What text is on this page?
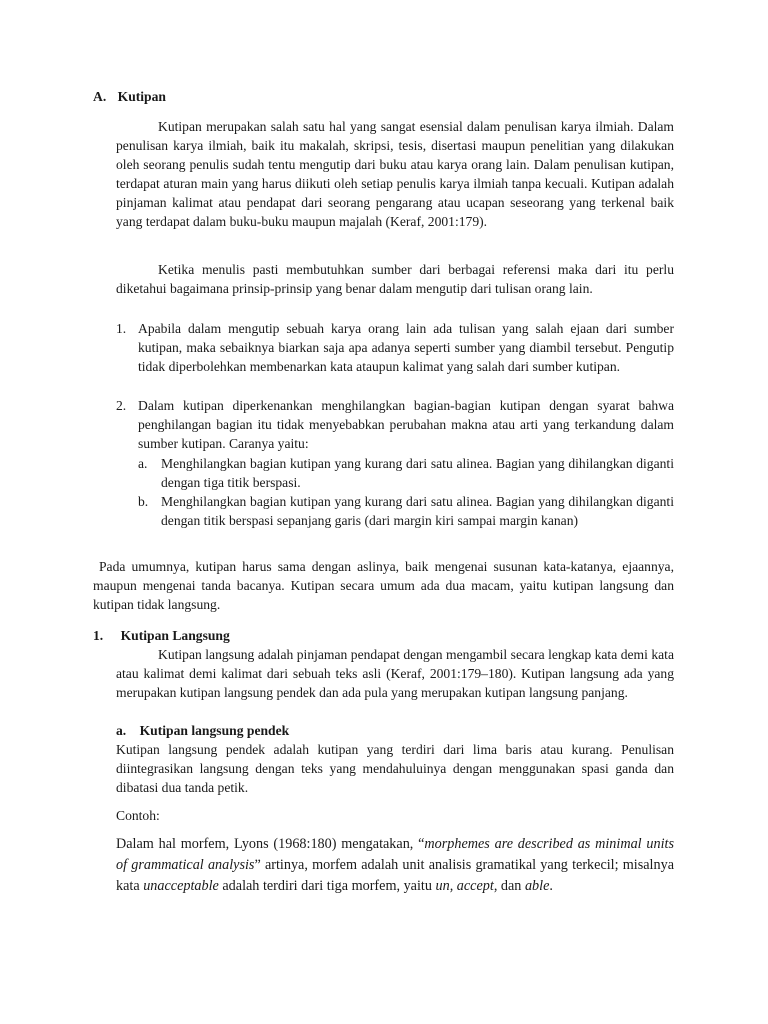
A. Kutipan

Kutipan merupakan salah satu hal yang sangat esensial dalam penulisan karya ilmiah. Dalam penulisan karya ilmiah, baik itu makalah, skripsi, tesis, disertasi maupun penelitian yang dilakukan oleh seorang penulis sudah tentu mengutip dari buku atau karya orang lain. Dalam penulisan kutipan, terdapat aturan main yang harus diikuti oleh setiap penulis karya ilmiah tanpa kecuali. Kutipan adalah pinjaman kalimat atau pendapat dari seorang pengarang atau ucapan seseorang yang terkenal baik yang terdapat dalam buku-buku maupun majalah (Keraf, 2001:179).

Ketika menulis pasti membutuhkan sumber dari berbagai referensi maka dari itu perlu diketahui bagaimana prinsip-prinsip yang benar dalam mengutip dari tulisan orang lain.

1. Apabila dalam mengutip sebuah karya orang lain ada tulisan yang salah ejaan dari sumber kutipan, maka sebaiknya biarkan saja apa adanya seperti sumber yang diambil tersebut. Pengutip tidak diperbolehkan membenarkan kata ataupun kalimat yang salah dari sumber kutipan.

2. Dalam kutipan diperkenankan menghilangkan bagian-bagian kutipan dengan syarat bahwa penghilangan bagian itu tidak menyebabkan perubahan makna atau arti yang terkandung dalam sumber kutipan. Caranya yaitu:

a. Menghilangkan bagian kutipan yang kurang dari satu alinea. Bagian yang dihilangkan diganti dengan tiga titik berspasi.

b. Menghilangkan bagian kutipan yang kurang dari satu alinea. Bagian yang dihilangkan diganti dengan titik berspasi sepanjang garis (dari margin kiri sampai margin kanan)

Pada umumnya, kutipan harus sama dengan aslinya, baik mengenai susunan kata-katanya, ejaannya, maupun mengenai tanda bacanya. Kutipan secara umum ada dua macam, yaitu kutipan langsung dan kutipan tidak langsung.

1. Kutipan Langsung

Kutipan langsung adalah pinjaman pendapat dengan mengambil secara lengkap kata demi kata atau kalimat demi kalimat dari sebuah teks asli (Keraf, 2001:179–180). Kutipan langsung ada yang merupakan kutipan langsung pendek dan ada pula yang merupakan kutipan langsung panjang.

a. Kutipan langsung pendek

Kutipan langsung pendek adalah kutipan yang terdiri dari lima baris atau kurang. Penulisan diintegrasikan langsung dengan teks yang mendahuluinya dengan menggunakan spasi ganda dan dibatasi dua tanda petik.

Contoh:

Dalam hal morfem, Lyons (1968:180) mengatakan, “morphemes are described as minimal units of grammatical analysis” artinya, morfem adalah unit analisis gramatikal yang terkecil; misalnya kata unacceptable adalah terdiri dari tiga morfem, yaitu un, accept, dan able.
